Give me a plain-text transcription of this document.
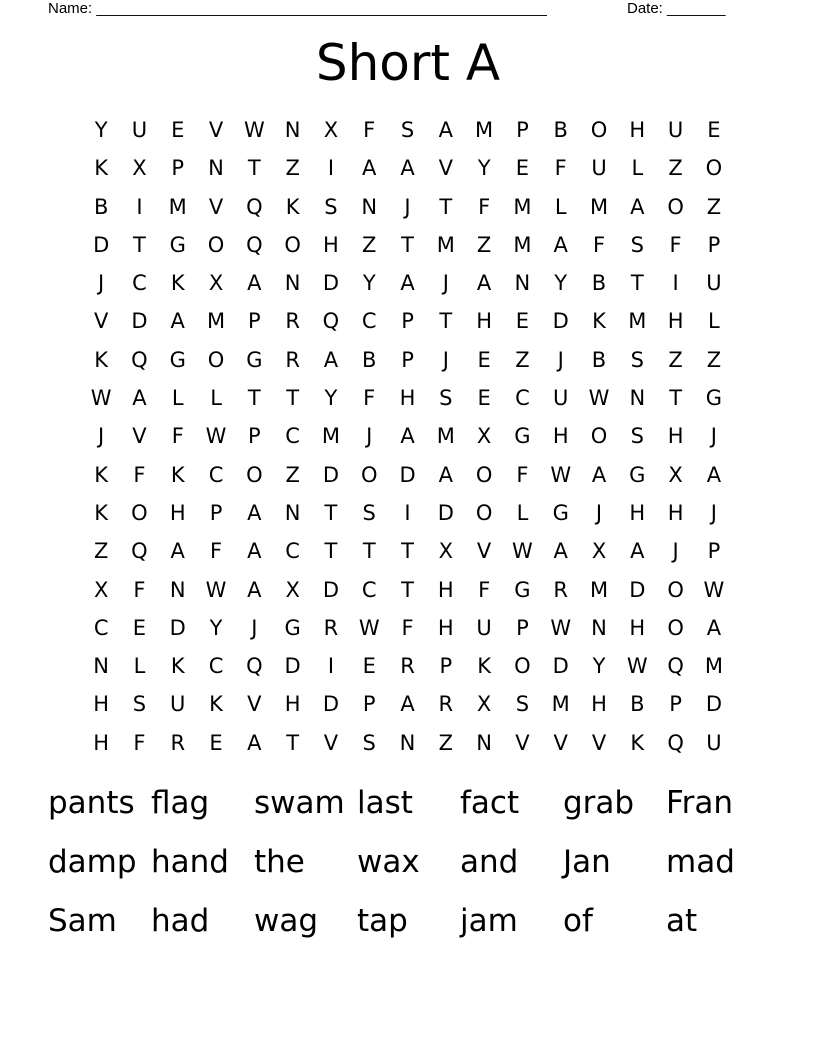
Name: ______________________________________________________	Date: _______
Short A
Y	U	E	V W N	X	F	S	A	M	P	B	O	H	U	E
K	X	P	N	T	Z	I	A	A	V	Y	E	F	U	L	Z	O
B	I	M	V	Q	K	S	N	J	T	F	M	L	M	A	O	Z
D	T	G	O	Q	O	H	Z	T	M	Z	M	A	F	S	F	P
J	C	K	X	A	N	D	Y	A	J	A	N	Y	B	T	I	U
V	D	A	M	P	R	Q	C	P	T	H	E	D	K	M	H	L
K	Q	G	O	G	R	A	B	P	J	E	Z	J	B	S	Z	Z
W A	L	L	T	T	Y	F	H	S	E	C	U W N	T	G
J	V	F	W	P	C	M	J	A	M	X	G	H	O	S	H	J
K	F	K	C	O	Z	D	O	D	A	O	F	W A	G	X	A
K	O	H	P	A	N	T	S	I	D	O	L	G	J	H	H	J
Z	Q	A	F	A	C	T	T	T	X	V W A	X	A	J	P
X	F	N W A	X	D	C	T	H	F	G	R	M	D	O W
C	E	D	Y	J	G	R W	F	H	U	P	W N	H	O	A
N	L	K	C	Q	D	I	E	R	P	K	O	D	Y	W Q M
H	S	U	K	V	H	D	P	A	R	X	S	M	H	B	P	D
H	F	R	E	A	T	V	S	N	Z	N	V	V	V	K	Q	U
pants flag	swam last	fact	grab	Fran
damp hand the	wax	and	Jan	mad
Sam	had	wag	tap	jam	of	at
